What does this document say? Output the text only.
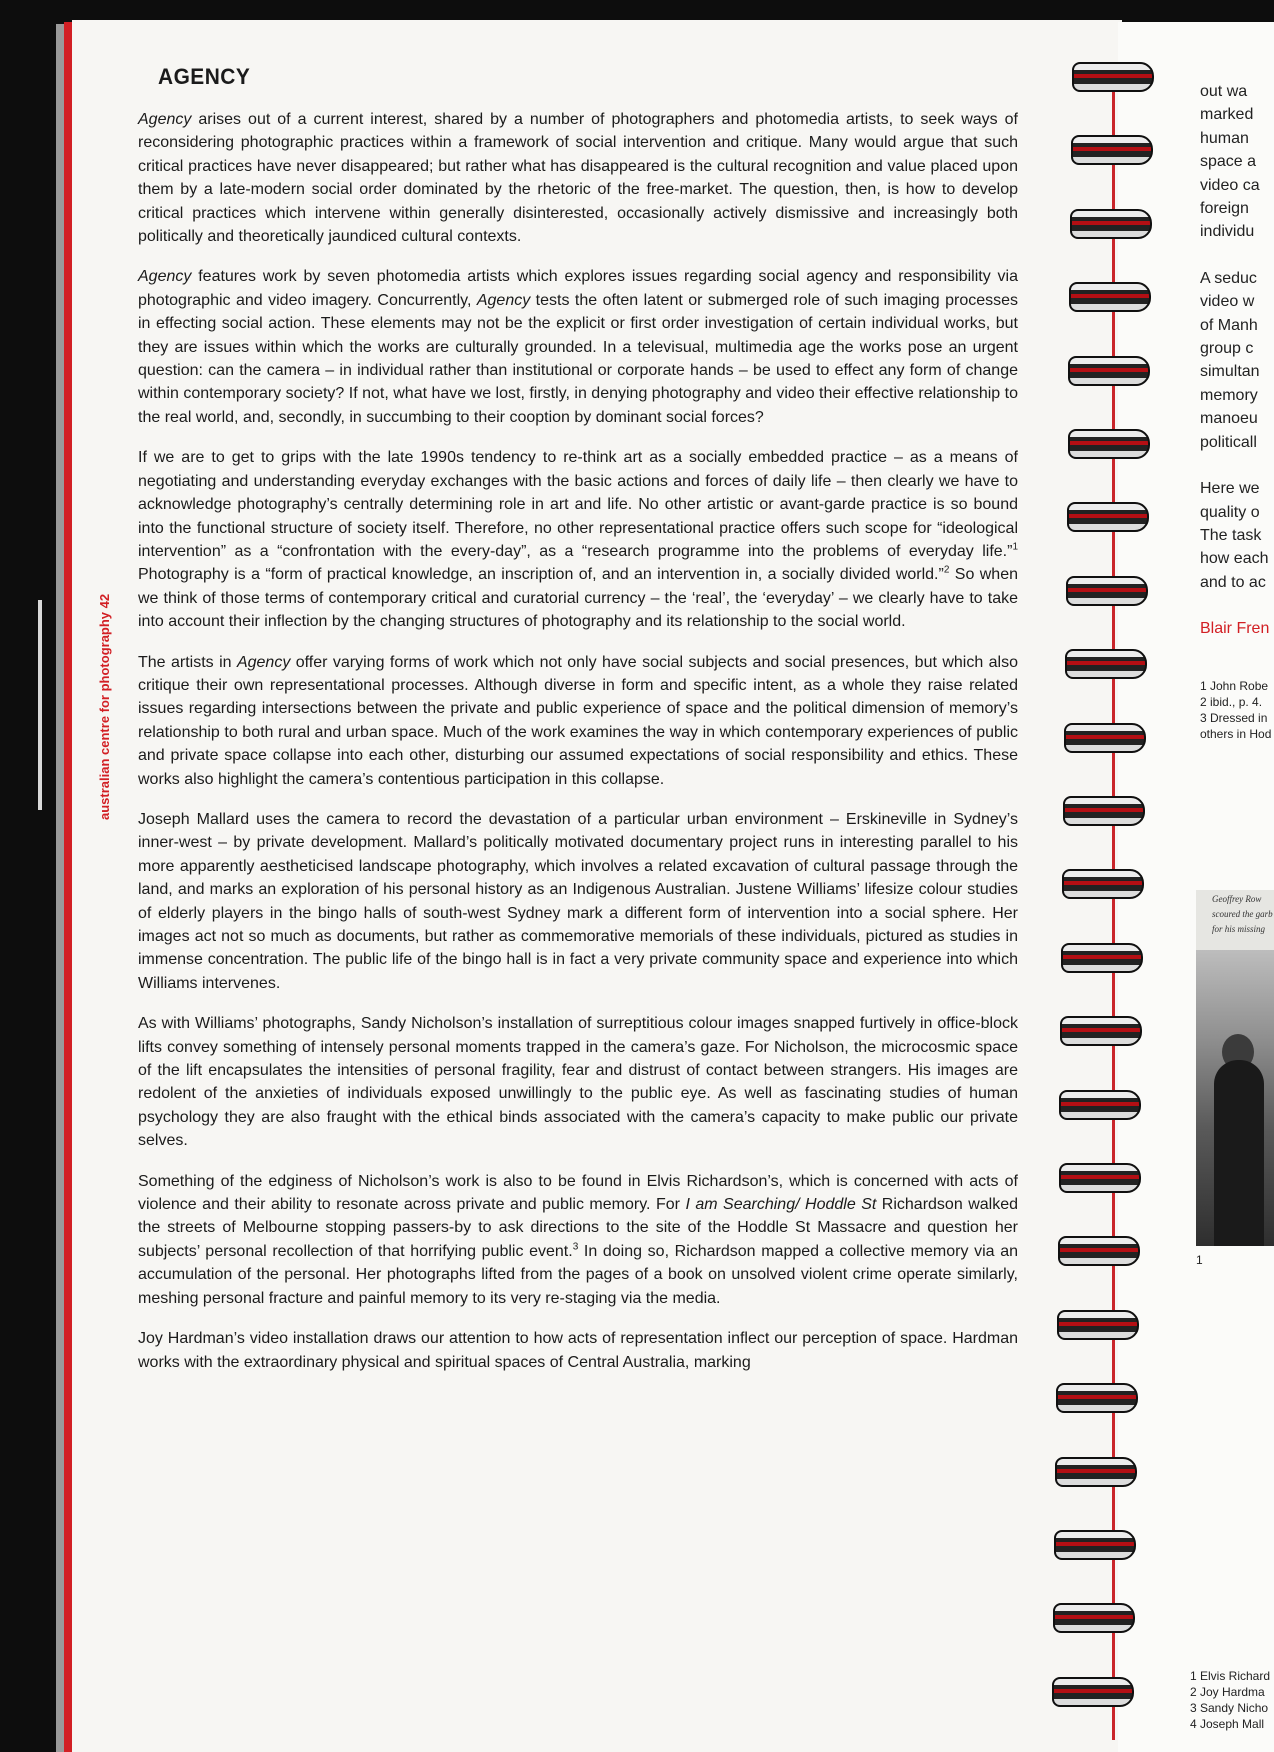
australian centre for photography 42
AGENCY

Agency arises out of a current interest, shared by a number of photographers and photomedia artists, to seek ways of reconsidering photographic practices within a framework of social intervention and critique. Many would argue that such critical practices have never disappeared; but rather what has disappeared is the cultural recognition and value placed upon them by a late-modern social order dominated by the rhetoric of the free-market. The question, then, is how to develop critical practices which intervene within generally disinterested, occasionally actively dismissive and increasingly both politically and theoretically jaundiced cultural contexts.

Agency features work by seven photomedia artists which explores issues regarding social agency and responsibility via photographic and video imagery. Concurrently, Agency tests the often latent or submerged role of such imaging processes in effecting social action. These elements may not be the explicit or first order investigation of certain individual works, but they are issues within which the works are culturally grounded. In a televisual, multimedia age the works pose an urgent question: can the camera – in individual rather than institutional or corporate hands – be used to effect any form of change within contemporary society? If not, what have we lost, firstly, in denying photography and video their effective relationship to the real world, and, secondly, in succumbing to their cooption by dominant social forces?

If we are to get to grips with the late 1990s tendency to re-think art as a socially embedded practice – as a means of negotiating and understanding everyday exchanges with the basic actions and forces of daily life – then clearly we have to acknowledge photography’s centrally determining role in art and life. No other artistic or avant-garde practice is so bound into the functional structure of society itself. Therefore, no other representational practice offers such scope for “ideological intervention” as a “confrontation with the every-day”, as a “research programme into the problems of everyday life.”$^1$ Photography is a “form of practical knowledge, an inscription of, and an intervention in, a socially divided world.”$^2$ So when we think of those terms of contemporary critical and curatorial currency – the ‘real’, the ‘everyday’ – we clearly have to take into account their inflection by the changing structures of photography and its relationship to the social world.

The artists in Agency offer varying forms of work which not only have social subjects and social presences, but which also critique their own representational processes. Although diverse in form and specific intent, as a whole they raise related issues regarding intersections between the private and public experience of space and the political dimension of memory’s relationship to both rural and urban space. Much of the work examines the way in which contemporary experiences of public and private space collapse into each other, disturbing our assumed expectations of social responsibility and ethics. These works also highlight the camera’s contentious participation in this collapse.

Joseph Mallard uses the camera to record the devastation of a particular urban environment – Erskineville in Sydney’s inner-west – by private development. Mallard’s politically motivated documentary project runs in interesting parallel to his more apparently aestheticised landscape photography, which involves a related excavation of cultural passage through the land, and marks an exploration of his personal history as an Indigenous Australian. Justene Williams’ lifesize colour studies of elderly players in the bingo halls of south-west Sydney mark a different form of intervention into a social sphere. Her images act not so much as documents, but rather as commemorative memorials of these individuals, pictured as studies in immense concentration. The public life of the bingo hall is in fact a very private community space and experience into which Williams intervenes.

As with Williams’ photographs, Sandy Nicholson’s installation of surreptitious colour images snapped furtively in office-block lifts convey something of intensely personal moments trapped in the camera’s gaze. For Nicholson, the microcosmic space of the lift encapsulates the intensities of personal fragility, fear and distrust of contact between strangers. His images are redolent of the anxieties of individuals exposed unwillingly to the public eye. As well as fascinating studies of human psychology they are also fraught with the ethical binds associated with the camera’s capacity to make public our private selves.

Something of the edginess of Nicholson’s work is also to be found in Elvis Richardson’s, which is concerned with acts of violence and their ability to resonate across private and public memory. For I am Searching/ Hoddle St Richardson walked the streets of Melbourne stopping passers-by to ask directions to the site of the Hoddle St Massacre and question her subjects’ personal recollection of that horrifying public event.$^3$ In doing so, Richardson mapped a collective memory via an accumulation of the personal. Her photographs lifted from the pages of a book on unsolved violent crime operate similarly, meshing personal fracture and painful memory to its very re-staging via the media.

Joy Hardman’s video installation draws our attention to how acts of representation inflect our perception of space. Hardman works with the extraordinary physical and spiritual spaces of Central Australia, marking

out wa
marked
human
space a
video ca
foreign
individu
A seduc
video w
of Manh
group c
simultan
memory
manoeu
politicall
Here we
quality o
The task
how each
and to ac
Blair Fren
1 John Robe
2 ibid., p. 4.
3 Dressed in
others in Hod
Geoffrey Row
scoured the garb
for his missing
1
1 Elvis Richard
2 Joy Hardma
3 Sandy Nicho
4 Joseph Mall
